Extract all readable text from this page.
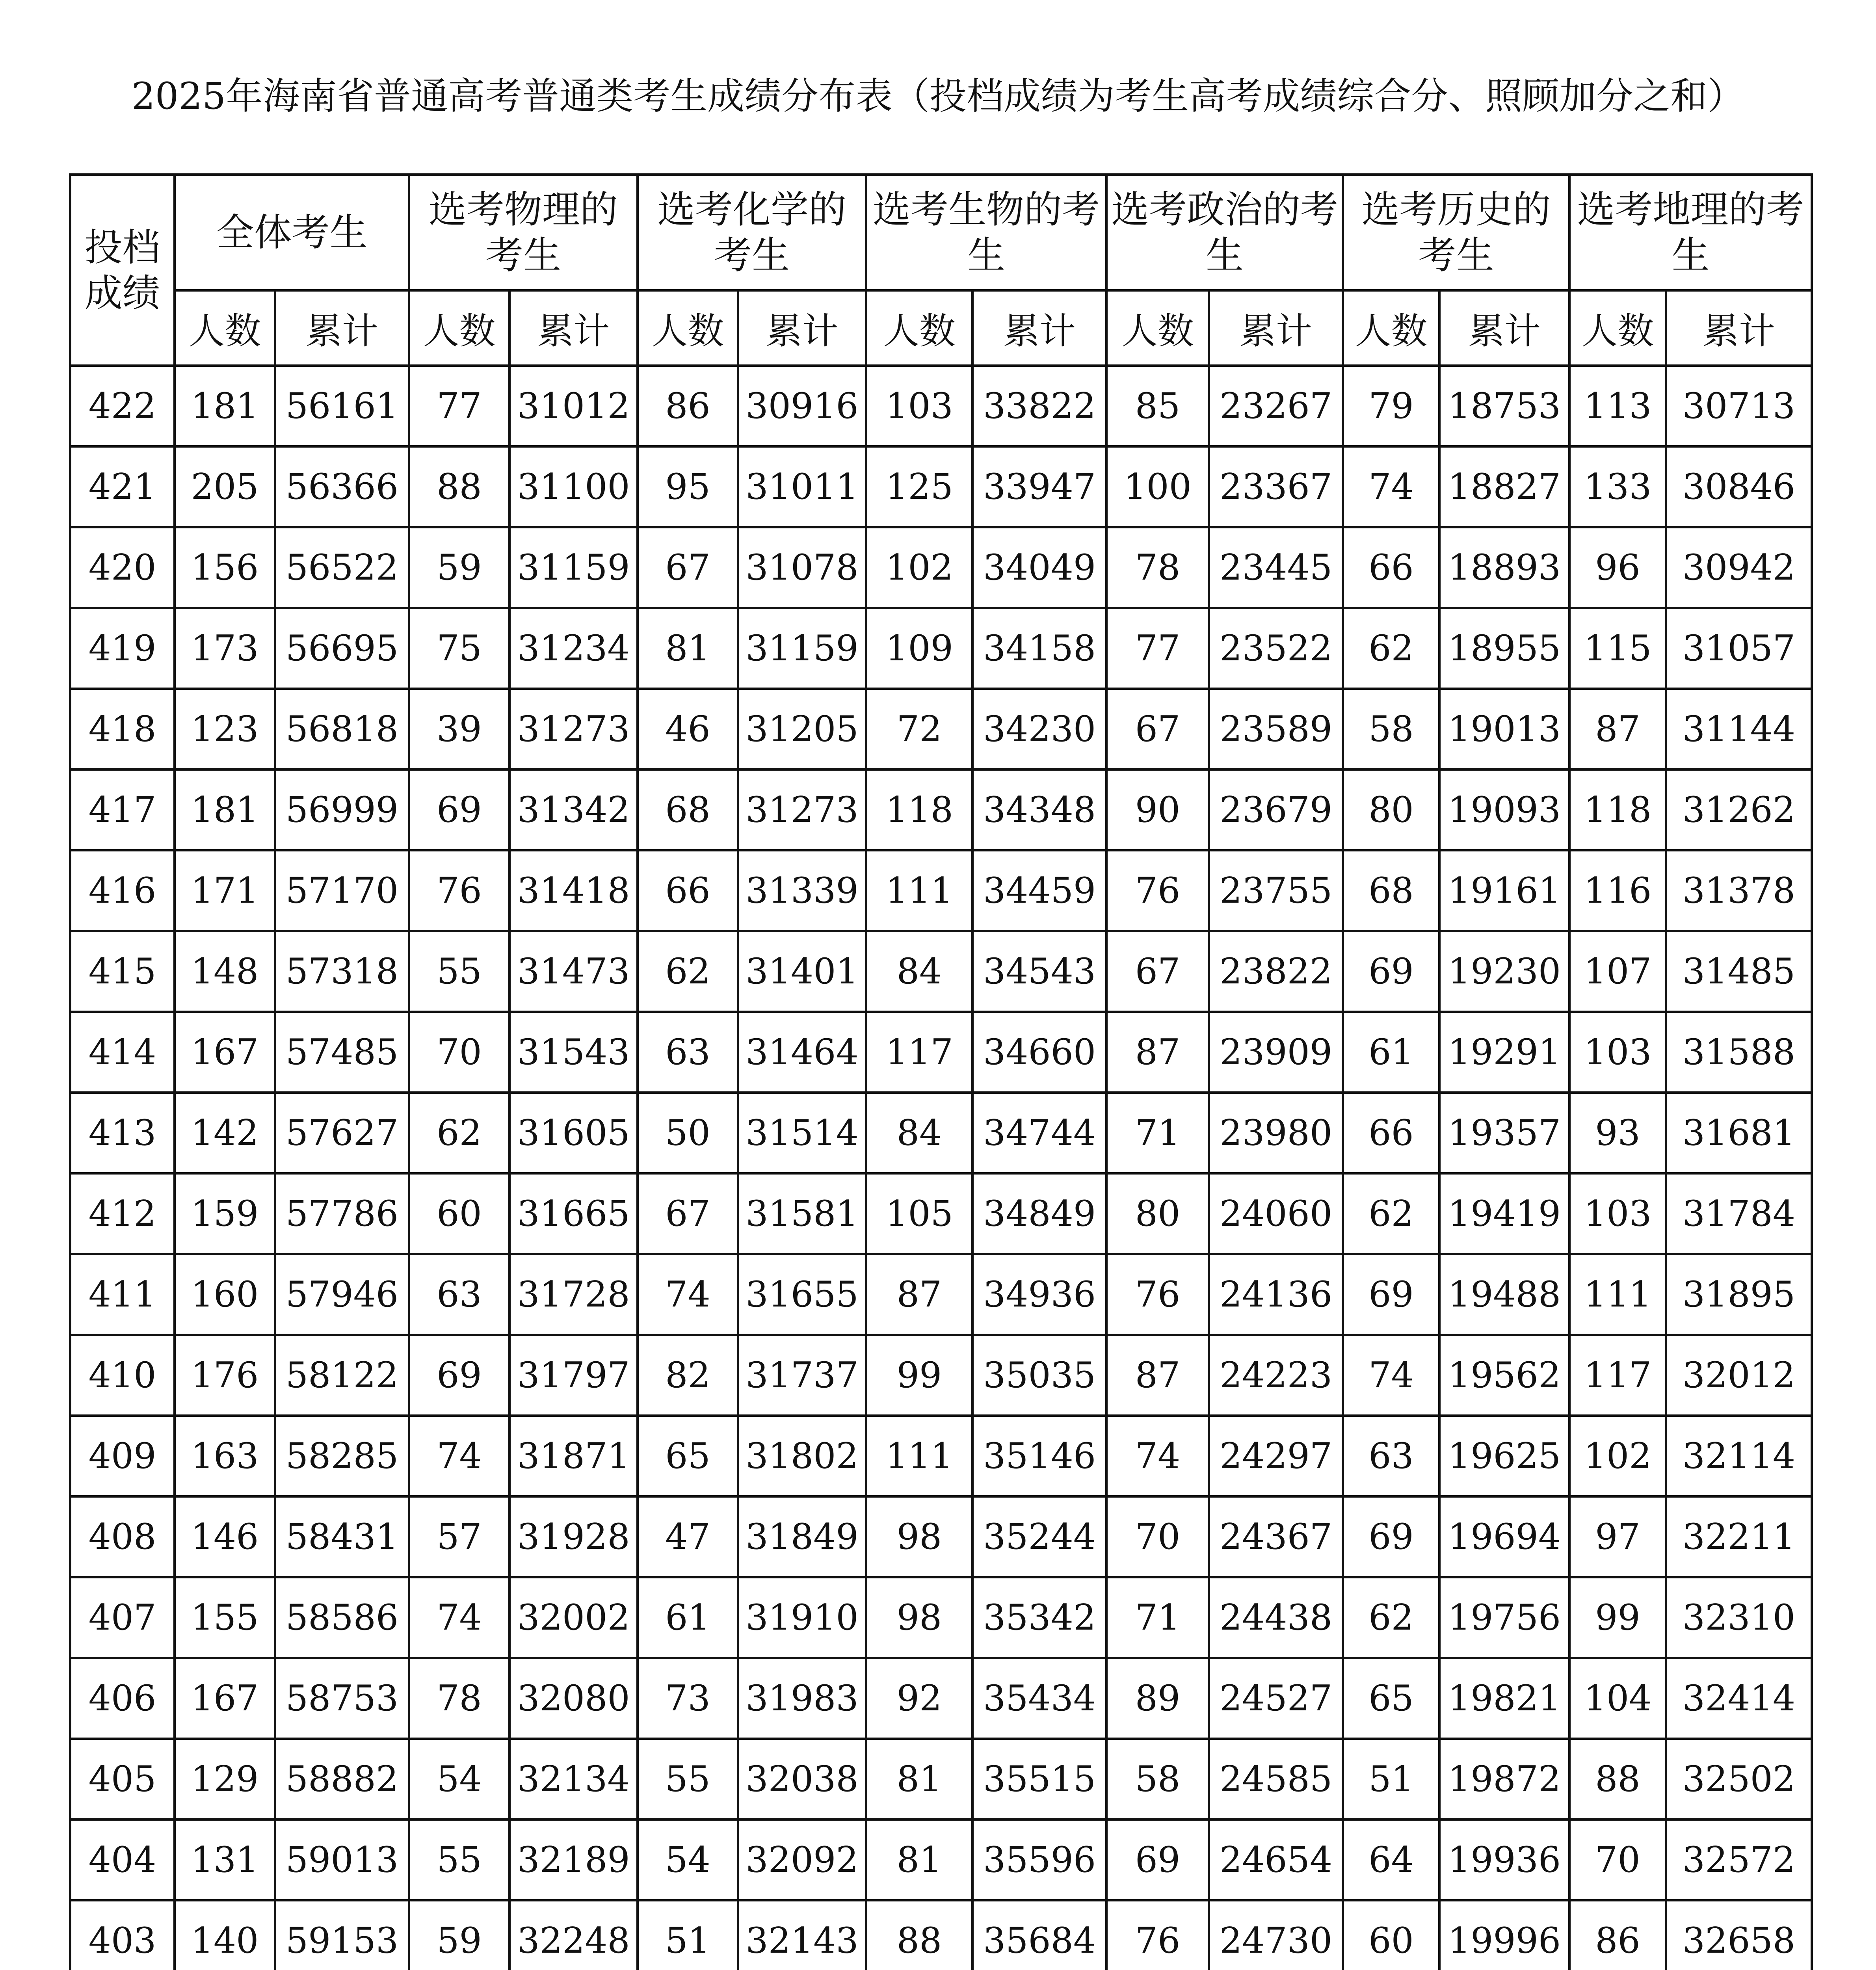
2025年海南省普通高考普通类考生成绩分布表（投档成绩为考生高考成绩综合分、照顾加分之和）
投档成绩	全体考生		选考物理的考生		选考化学的考生		选考生物的考生		选考政治的考生		选考历史的考生		选考地理的考生	
	人数	累计	人数	累计	人数	累计	人数	累计	人数	累计	人数	累计	人数	累计
422	181	56161	77	31012	86	30916	103	33822	85	23267	79	18753	113	30713
421	205	56366	88	31100	95	31011	125	33947	100	23367	74	18827	133	30846
420	156	56522	59	31159	67	31078	102	34049	78	23445	66	18893	96	30942
419	173	56695	75	31234	81	31159	109	34158	77	23522	62	18955	115	31057
418	123	56818	39	31273	46	31205	72	34230	67	23589	58	19013	87	31144
417	181	56999	69	31342	68	31273	118	34348	90	23679	80	19093	118	31262
416	171	57170	76	31418	66	31339	111	34459	76	23755	68	19161	116	31378
415	148	57318	55	31473	62	31401	84	34543	67	23822	69	19230	107	31485
414	167	57485	70	31543	63	31464	117	34660	87	23909	61	19291	103	31588
413	142	57627	62	31605	50	31514	84	34744	71	23980	66	19357	93	31681
412	159	57786	60	31665	67	31581	105	34849	80	24060	62	19419	103	31784
411	160	57946	63	31728	74	31655	87	34936	76	24136	69	19488	111	31895
410	176	58122	69	31797	82	31737	99	35035	87	24223	74	19562	117	32012
409	163	58285	74	31871	65	31802	111	35146	74	24297	63	19625	102	32114
408	146	58431	57	31928	47	31849	98	35244	70	24367	69	19694	97	32211
407	155	58586	74	32002	61	31910	98	35342	71	24438	62	19756	99	32310
406	167	58753	78	32080	73	31983	92	35434	89	24527	65	19821	104	32414
405	129	58882	54	32134	55	32038	81	35515	58	24585	51	19872	88	32502
404	131	59013	55	32189	54	32092	81	35596	69	24654	64	19936	70	32572
403	140	59153	59	32248	51	32143	88	35684	76	24730	60	19996	86	32658
